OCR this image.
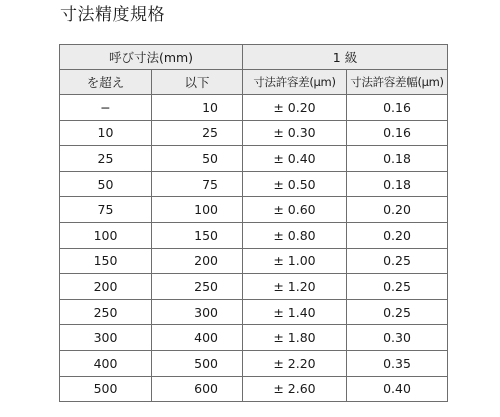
寸法精度規格
呼び寸法(mm)		1 級	
を超え	以下	寸法許容差(μm)	寸法許容差幅(μm)
−	10	± 0.20	0.16
10	25	± 0.30	0.16
25	50	± 0.40	0.18
50	75	± 0.50	0.18
75	100	± 0.60	0.20
100	150	± 0.80	0.20
150	200	± 1.00	0.25
200	250	± 1.20	0.25
250	300	± 1.40	0.25
300	400	± 1.80	0.30
400	500	± 2.20	0.35
500	600	± 2.60	0.40
